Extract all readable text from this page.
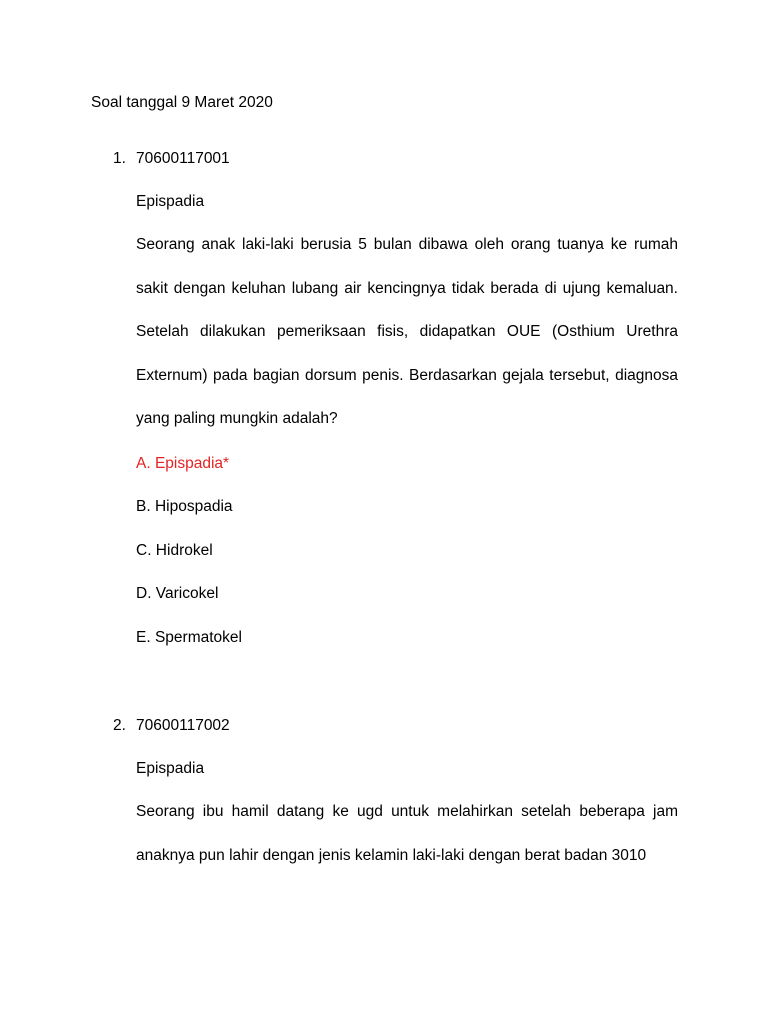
Soal tanggal 9 Maret 2020
1. 70600117001
Epispadia
Seorang anak laki-laki berusia 5 bulan dibawa oleh orang tuanya ke rumah sakit dengan keluhan lubang air kencingnya tidak berada di ujung kemaluan. Setelah dilakukan pemeriksaan fisis, didapatkan OUE (Osthium Urethra Externum) pada bagian dorsum penis. Berdasarkan gejala tersebut, diagnosa yang paling mungkin adalah?
A. Epispadia*
B. Hipospadia
C. Hidrokel
D. Varicokel
E. Spermatokel
2. 70600117002
Epispadia
Seorang ibu hamil datang ke ugd untuk melahirkan setelah beberapa jam anaknya pun lahir dengan jenis kelamin laki-laki dengan berat badan 3010
